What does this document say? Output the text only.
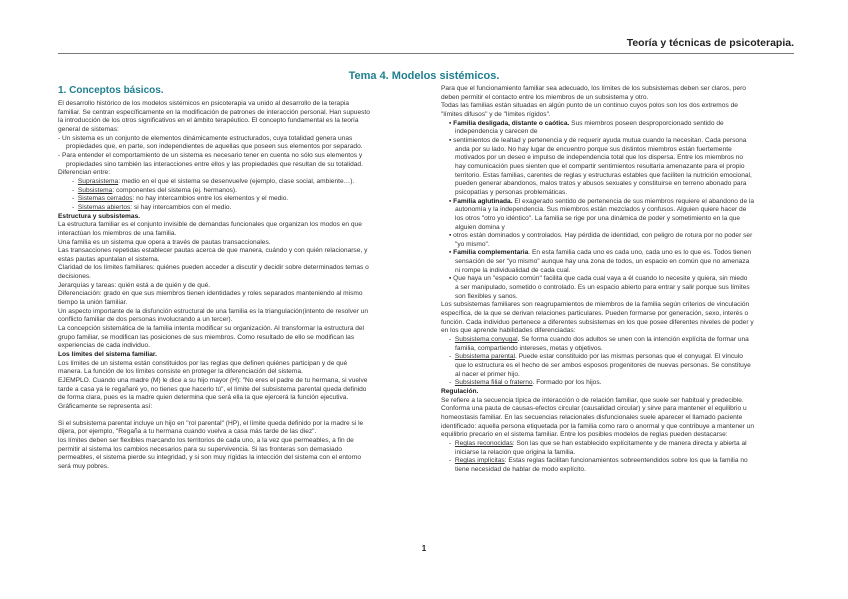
Teoría y técnicas de psicoterapia.
Tema 4. Modelos sistémicos.
1. Conceptos básicos.

El desarrollo histórico de los modelos sistémicos en psicoterapia va unido al desarrollo de la terapia

familiar. Se centran específicamente en la modificación de patrones de interacción personal. Han supuesto

la introducción de los otros significativos en el ámbito terapéutico. El concepto fundamental es la teoría

general de sistemas:

- Un sistema es un conjunto de elementos dinámicamente estructurados, cuya totalidad genera unas

propiedades que, en parte, son independientes de aquellas que poseen sus elementos por separado.

- Para entender el comportamiento de un sistema es necesario tener en cuenta no sólo sus elementos y

propiedades sino también las interacciones entre ellos y las propiedades que resultan de su totalidad.

Diferencian entre:

-  Suprasistema: medio en el que el sistema se desenvuelve (ejemplo, clase social, ambiente…).

-  Subsistema: componentes del sistema (ej. hermanos).

-  Sistemas cerrados: no hay intercambios entre los elementos y el medio.

-  Sistemas abiertos: si hay intercambios con el medio.

Estructura y subsistemas.

La estructura familiar es el conjunto invisible de demandas funcionales que organizan los modos en que

interactúan los miembros de una familia.

Una familia es un sistema que opera a través de pautas transaccionales.

Las transacciones repetidas establecer pautas acerca de que manera, cuándo y con quién relacionarse, y

estas pautas apuntalan el sistema.

Claridad de los límites familiares: quiénes pueden acceder a discutir y decidir sobre determinados temas o

decisiones.

Jerarquías y tareas: quién está a de quién y de qué.

Diferenciación: grado en que sus miembros tienen identidades y roles separados manteniendo al mismo

tiempo la unión familiar.

Un aspecto importante de la disfunción estructural de una familia es la triangulación(intento de resolver un

conflicto familiar de dos personas involucrando a un tercer).

La concepción sistemática de la familia intenta modificar su organización. Al transformar la estructura del

grupo familiar, se modifican las posiciones de sus miembros. Como resultado de ello se modifican las

experiencias de cada individuo.

Los límites del sistema familiar.

Los límites de un sistema están constituidos por las reglas que definen quiénes participan y de qué

manera. La función de los límites consiste en proteger la diferenciación del sistema.

EJEMPLO. Cuando una madre (M) le dice a su hijo mayor (H): "No eres el padre de tu hermana, si vuelve

tarde a casa ya le regañaré yo, no tienes que hacerlo tú", el límite del subsistema parental queda definido

de forma clara, pues es la madre quien determina que será ella la que ejercerá la función ejecutiva.

Gráficamente se representa así:

Si el subsistema parental incluye un hijo en "rol parental" (HP), el límite queda definido por la madre si le

dijera, por ejemplo, "Regaña a tu hermana cuando vuelva a casa más tarde de las diez".

los límites deben ser flexibles marcando los territorios de cada uno, a la vez que permeables, a fin de

permitir al sistema los cambios necesarios para su supervivencia. Si las fronteras son demasiado

permeables, el sistema pierde su integridad, y si son muy rígidas la intección del sistema con el entorno

será muy pobres.

Para que el funcionamiento familiar sea adecuado, los límites de los subsistemas deben ser claros, pero

deben permitir el contacto entre los miembros de un subsistema y otro.

Todas las familias están situadas en algún punto de un continuo cuyos polos son los dos extremos de

"límites difusos" y de "límites rígidos".

▪ Familia desligada, distante o caótica. Sus miembros poseen desproporcionado sentido de

independencia y carecen de

▪ sentimientos de lealtad y pertenencia y de requerir ayuda mutua cuando la necesitan. Cada persona

anda por su lado. No hay lugar de encuentro porque sus distintos miembros están fuertemente

motivados por un deseo e impulso de independencia total que los dispersa. Entre los miembros no

hay comunicación pues sienten que el compartir sentimientos resultaría amenazante para el propio

territorio. Estas familias, carentes de reglas y estructuras estables que faciliten la nutrición emocional,

pueden generar abandonos, malos tratos y abusos sexuales y constituirse en terreno abonado para

psicopatías y personas problemáticas.

▪ Familia aglutinada. El exagerado sentido de pertenencia de sus miembros requiere el abandono de la

autonomía y la independencia. Sus miembros están mezclados y confusos. Alguien quiere hacer de

los otros "otro yo idéntico". La familia se rige por una dinámica de poder y sometimiento en la que

alguien domina y

▪ otros están dominados y controlados. Hay pérdida de identidad, con peligro de rotura por no poder ser

"yo mismo".

▪ Familia complementaria. En esta familia cada uno es cada uno, cada uno es lo que es. Todos tienen

sensación de ser "yo mismo" aunque hay una zona de todos, un espacio en común que no amenaza

ni rompe la individualidad de cada cual.

▪ Que haya un "espacio común" facilita que cada cual vaya a él cuando lo necesite y quiera, sin miedo

a ser manipulado, sometido o controlado. Es un espacio abierto para entrar y salir porque sus límites

son flexibles y sanos.

Los subsistemas familiares son reagrupamientos de miembros de la familia según criterios de vinculación

específica, de la que se derivan relaciones particulares. Pueden formarse por generación, sexo, interés o

función. Cada individuo pertenece a diferentes subsistemas en los que posee diferentes niveles de poder y

en los que aprende habilidades diferenciadas:

-  Subsistema conyugal. Se forma cuando dos adultos se unen con la intención explícita de formar una

familia, compartiendo intereses, metas y objetivos.

-  Subsistema parental. Puede estar constituido por las mismas personas que el conyugal. El vínculo

que lo estructura es el hecho de ser ambos esposos progenitores de nuevas personas. Se constituye

al nacer el primer hijo.

-  Subsistema filial o fraterno. Formado por los hijos.

Regulación.

Se refiere a la secuencia típica de interacción o de relación familiar, que suele ser habitual y predecible.

Conforma una pauta de causas-efectos circular (causalidad circular) y sirve para mantener el equilibrio u

homeostasis familiar. En las secuencias relacionales disfuncionales suele aparecer el llamado paciente

identificado: aquella persona etiquetada por la familia como raro o anormal y que contribuye a mantener un

equilibrio precario en el sistema familiar. Entre los posibles modelos de reglas pueden destacarse:

-  Reglas reconocidas: Son las que se han establecido explícitamente y de manera directa y abierta al

iniciarse la relación que origina la familia.

-  Reglas implícitas: Estas reglas facilitan funcionamientos sobreentendidos sobre los que la familia no

tiene necesidad de hablar de modo explícito.

1
